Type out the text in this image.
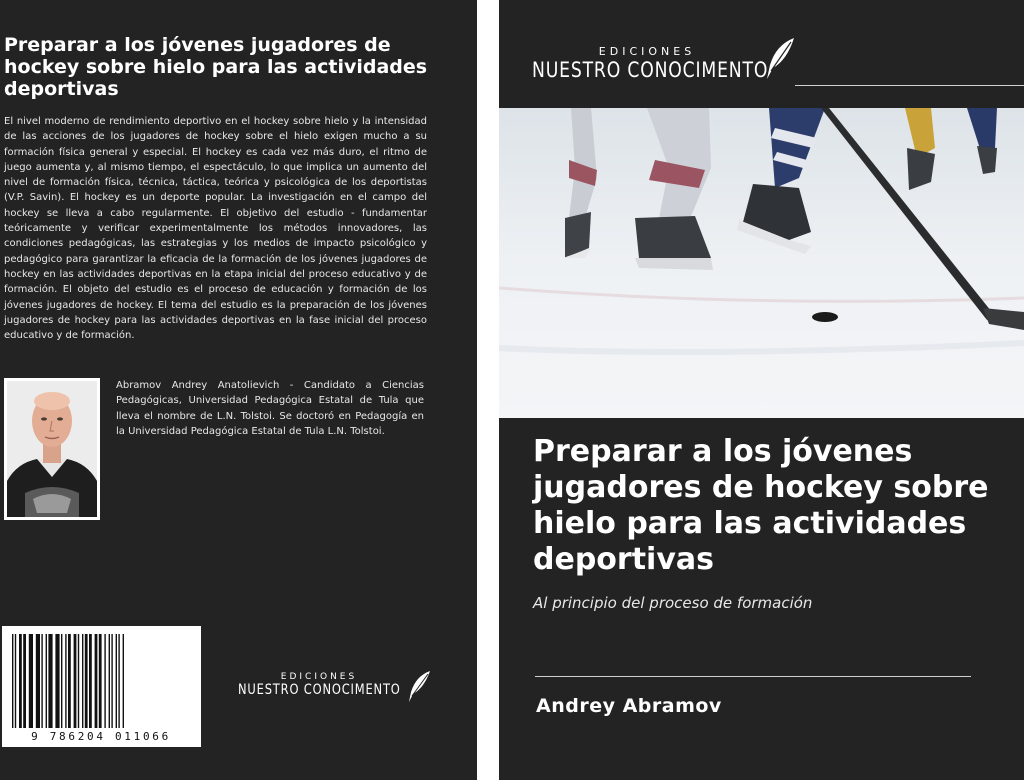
Preparar a los jóvenes jugadores de hockey sobre hielo para las actividades deportivas
El nivel moderno de rendimiento deportivo en el hockey sobre hielo y la intensidad de las acciones de los jugadores de hockey sobre el hielo exigen mucho a su formación física general y especial. El hockey es cada vez más duro, el ritmo de juego aumenta y, al mismo tiempo, el espectáculo, lo que implica un aumento del nivel de formación física, técnica, táctica, teórica y psicológica de los deportistas (V.P. Savin). El hockey es un deporte popular. La investigación en el campo del hockey se lleva a cabo regularmente. El objetivo del estudio - fundamentar teóricamente y verificar experimentalmente los métodos innovadores, las condiciones pedagógicas, las estrategias y los medios de impacto psicológico y pedagógico para garantizar la eficacia de la formación de los jóvenes jugadores de hockey en las actividades deportivas en la etapa inicial del proceso educativo y de formación. El objeto del estudio es el proceso de educación y formación de los jóvenes jugadores de hockey. El tema del estudio es la preparación de los jóvenes jugadores de hockey para las actividades deportivas en la fase inicial del proceso educativo y de formación.
Abramov Andrey Anatolievich - Candidato a Ciencias Pedagógicas, Universidad Pedagógica Estatal de Tula que lleva el nombre de L.N. Tolstoi. Se doctoró en Pedagogía en la Universidad Pedagógica Estatal de Tula L.N. Tolstoi.
9 786204 011066
EDICIONES
NUESTRO CONOCIMENTO
EDICIONES
NUESTRO CONOCIMENTO
Preparar a los jóvenes jugadores de hockey sobre hielo para las actividades deportivas
Al principio del proceso de formación
Andrey Abramov
